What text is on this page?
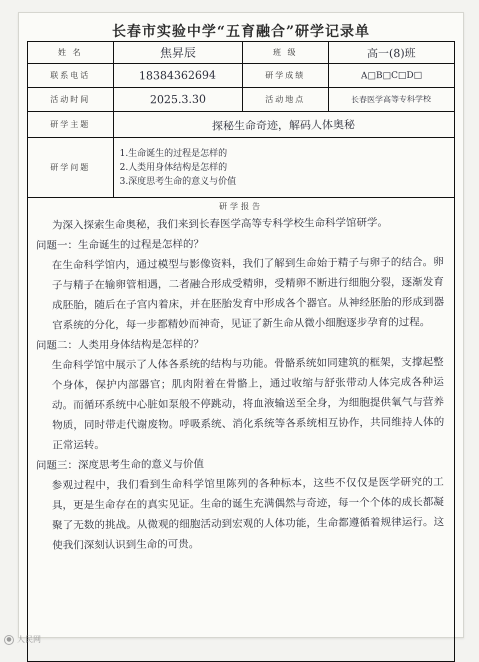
长春市实验中学“五育融合”研学记录单
姓 名	焦昇辰	班 级	高一(8)班
联系电话	18384362694	研学成绩	A□B□C□D□
活动时间	2025.3.30	活动地点	长春医学高等专科学校
研学主题	探秘生命奇迹，解码人体奥秘
研学问题
1.生命诞生的过程是怎样的
2.人类用身体结构是怎样的
3.深度思考生命的意义与价值
研学报告

为深入探索生命奥秘，我们来到长春医学高等专科学校生命科学馆研学。

问题一：生命诞生的过程是怎样的？

在生命科学馆内，通过模型与影像资料，我们了解到生命始于精子与卵子的结合。卵子与精子在输卵管相遇，二者融合形成受精卵，受精卵不断进行细胞分裂，逐渐发育成胚胎，随后在子宫内着床，并在胚胎发育中形成各个器官。从神经胚胎的形成到器官系统的分化，每一步都精妙而神奇，见证了新生命从微小细胞逐步孕育的过程。

问题二：人类用身体结构是怎样的？

生命科学馆中展示了人体各系统的结构与功能。骨骼系统如同建筑的框架，支撑起整个身体，保护内部器官；肌肉附着在骨骼上，通过收缩与舒张带动人体完成各种运动。而循环系统中心脏如泵般不停跳动，将血液输送至全身，为细胞提供氧气与营养物质，同时带走代谢废物。呼吸系统、消化系统等各系统相互协作，共同维持人体的正常运转。

问题三：深度思考生命的意义与价值

参观过程中，我们看到生命科学馆里陈列的各种标本，这些不仅仅是医学研究的工具，更是生命存在的真实见证。生命的诞生充满偶然与奇迹，每一个个体的成长都凝聚了无数的挑战。从微观的细胞活动到宏观的人体功能，生命都遵循着规律运行。这使我们深刻认识到生命的可贵。

● 人民网
